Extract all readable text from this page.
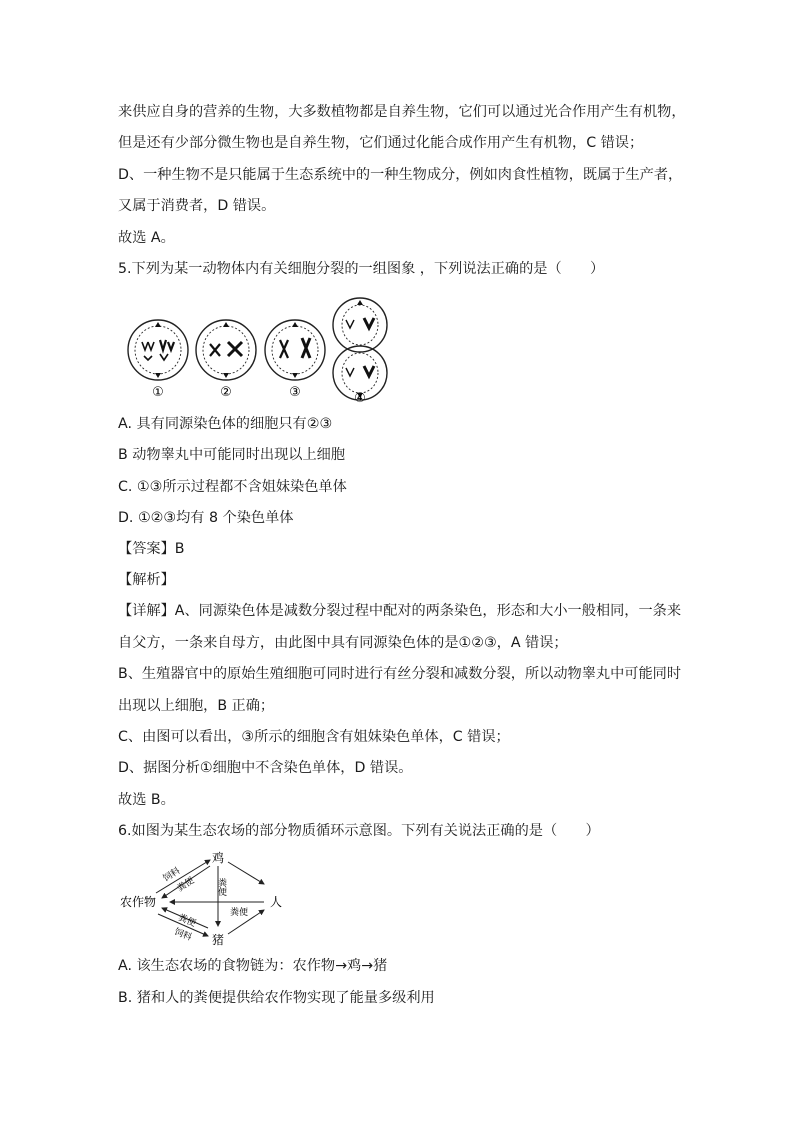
来供应自身的营养的生物，大多数植物都是自养生物，它们可以通过光合作用产生有机物，
但是还有少部分微生物也是自养生物，它们通过化能合成作用产生有机物，C 错误；
D、一种生物不是只能属于生态系统中的一种生物成分，例如肉食性植物，既属于生产者，
又属于消费者，D 错误。
故选 A。
5.下列为某一动物体内有关细胞分裂的一组图象 ，下列说法正确的是（　　）
①	②	③	④
A. 具有同源染色体的细胞只有②③
B 动物睾丸中可能同时出现以上细胞
C. ①③所示过程都不含姐妹染色单体
D. ①②③均有 8 个染色单体
【答案】B
【解析】
【详解】A、同源染色体是减数分裂过程中配对的两条染色，形态和大小一般相同，一条来
自父方，一条来自母方，由此图中具有同源染色体的是①②③，A 错误；
B、生殖器官中的原始生殖细胞可同时进行有丝分裂和减数分裂，所以动物睾丸中可能同时
出现以上细胞，B 正确；
C、由图可以看出，③所示的细胞含有姐妹染色单体，C 错误；
D、据图分析①细胞中不含染色单体，D 错误。
故选 B。
6.如图为某生态农场的部分物质循环示意图。下列有关说法正确的是（　　）
鸡
农作物	人
猪
饲料
粪便 粪便
粪便
粪便
饲料
A. 该生态农场的食物链为：农作物→鸡→猪
B. 猪和人的粪便提供给农作物实现了能量多级利用
